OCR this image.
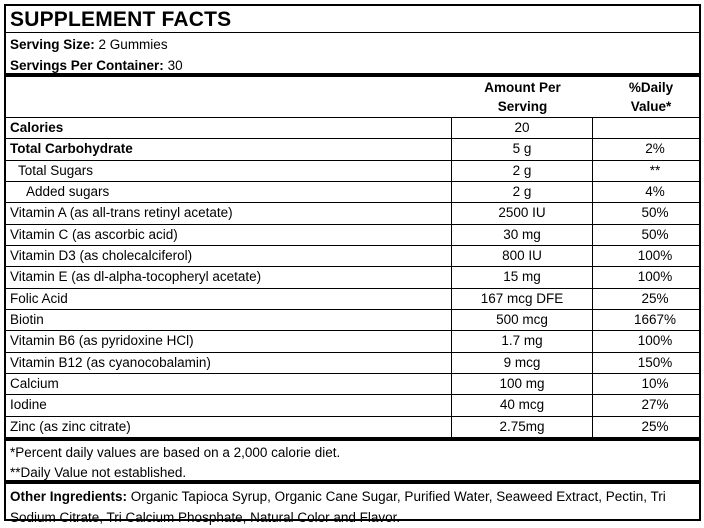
SUPPLEMENT FACTS
Serving Size: 2 Gummies
Servings Per Container: 30
Amount Per
Serving
%Daily
Value*
Calories	20
Total Carbohydrate	5 g	2%
Total Sugars	2 g	**
Added sugars	2 g	4%
Vitamin A (as all-trans retinyl acetate)	2500 IU	50%
Vitamin C (as ascorbic acid)	30 mg	50%
Vitamin D3 (as cholecalciferol)	800 IU	100%
Vitamin E (as dl-alpha-tocopheryl acetate)	15 mg	100%
Folic Acid	167 mcg DFE	25%
Biotin	500 mcg	1667%
Vitamin B6 (as pyridoxine HCl)	1.7 mg	100%
Vitamin B12 (as cyanocobalamin)	9 mcg	150%
Calcium	100 mg	10%
Iodine	40 mcg	27%
Zinc (as zinc citrate)	2.75mg	25%
*Percent daily values are based on a 2,000 calorie diet.
**Daily Value not established.
Other Ingredients: Organic Tapioca Syrup, Organic Cane Sugar, Purified Water, Seaweed Extract, Pectin, Tri Sodium Citrate, Tri Calcium Phosphate, Natural Color and Flavor.
